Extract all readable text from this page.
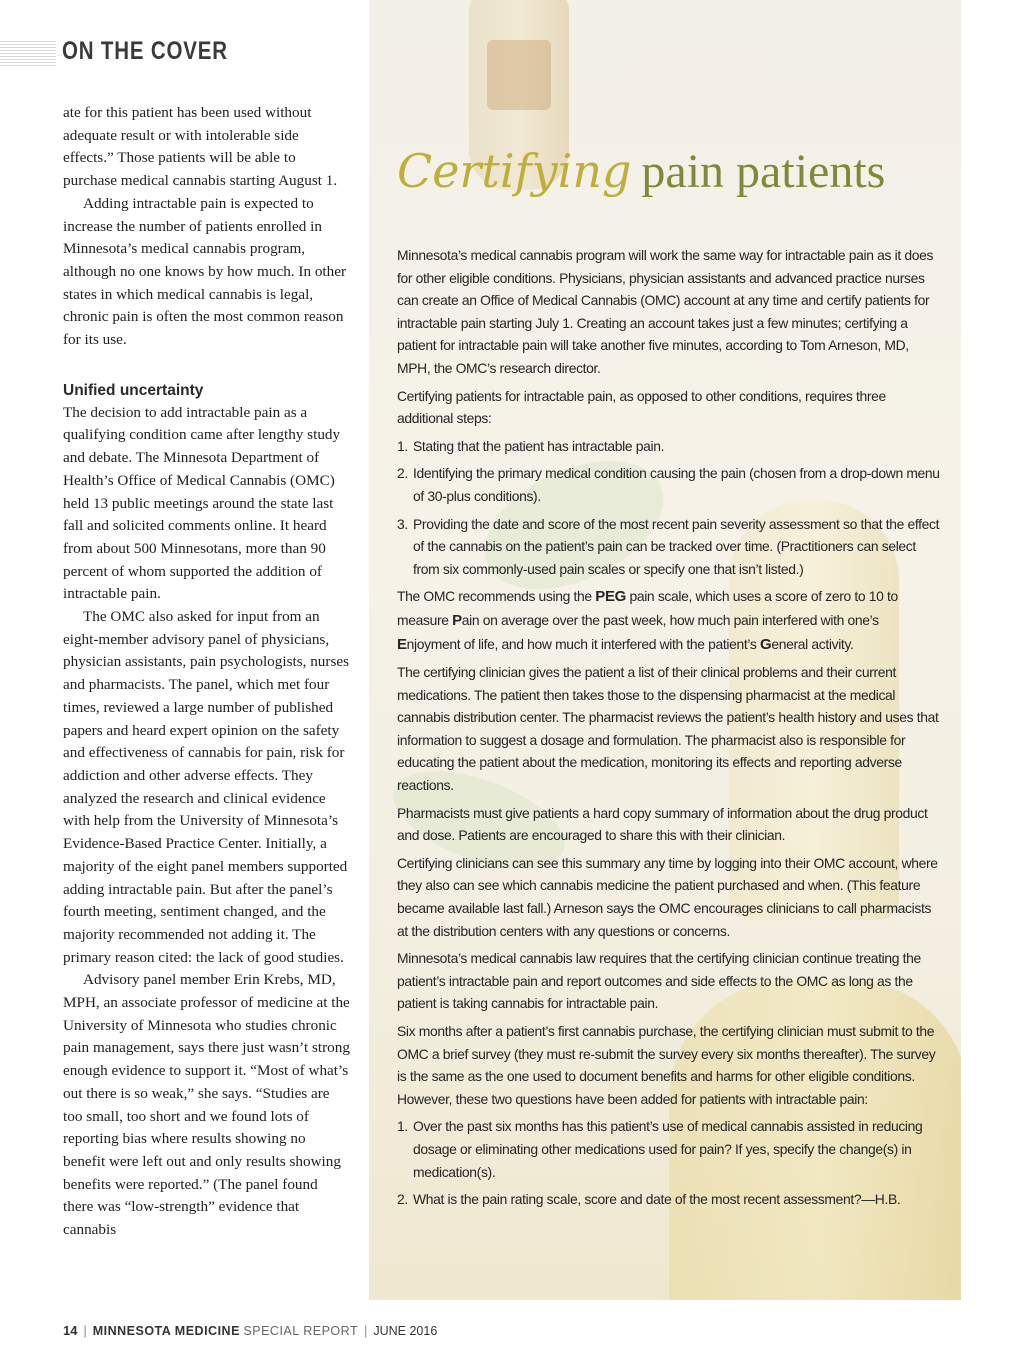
ON THE COVER

ate for this patient has been used without adequate result or with intolerable side effects.” Those patients will be able to purchase medical cannabis starting August 1.

Adding intractable pain is expected to increase the number of patients enrolled in Minnesota’s medical cannabis program, although no one knows by how much. In other states in which medical cannabis is legal, chronic pain is often the most common reason for its use.

Unified uncertainty

The decision to add intractable pain as a qualifying condition came after lengthy study and debate. The Minnesota Department of Health’s Office of Medical Cannabis (OMC) held 13 public meetings around the state last fall and solicited comments online. It heard from about 500 Minnesotans, more than 90 percent of whom supported the addition of intractable pain.

The OMC also asked for input from an eight-member advisory panel of physicians, physician assistants, pain psychologists, nurses and pharmacists. The panel, which met four times, reviewed a large number of published papers and heard expert opinion on the safety and effectiveness of cannabis for pain, risk for addiction and other adverse effects. They analyzed the research and clinical evidence with help from the University of Minnesota’s Evidence-Based Practice Center. Initially, a majority of the eight panel members supported adding intractable pain. But after the panel’s fourth meeting, sentiment changed, and the majority recommended not adding it. The primary reason cited: the lack of good studies.

Advisory panel member Erin Krebs, MD, MPH, an associate professor of medicine at the University of Minnesota who studies chronic pain management, says there just wasn’t strong enough evidence to support it. “Most of what’s out there is so weak,” she says. “Studies are too small, too short and we found lots of reporting bias where results showing no benefit were left out and only results showing benefits were reported.” (The panel found there was “low-strength” evidence that cannabis

Certifying pain patients

Minnesota’s medical cannabis program will work the same way for intractable pain as it does for other eligible conditions. Physicians, physician assistants and advanced practice nurses can create an Office of Medical Cannabis (OMC) account at any time and certify patients for intractable pain starting July 1. Creating an account takes just a few minutes; certifying a patient for intractable pain will take another five minutes, according to Tom Arneson, MD, MPH, the OMC’s research director.

Certifying patients for intractable pain, as opposed to other conditions, requires three additional steps:

1. Stating that the patient has intractable pain.
2. Identifying the primary medical condition causing the pain (chosen from a drop-down menu of 30-plus conditions).
3. Providing the date and score of the most recent pain severity assessment so that the effect of the cannabis on the patient’s pain can be tracked over time. (Practitioners can select from six commonly-used pain scales or specify one that isn’t listed.)

The OMC recommends using the PEG pain scale, which uses a score of zero to 10 to measure Pain on average over the past week, how much pain interfered with one’s Enjoyment of life, and how much it interfered with the patient’s General activity.

The certifying clinician gives the patient a list of their clinical problems and their current medications. The patient then takes those to the dispensing pharmacist at the medical cannabis distribution center. The pharmacist reviews the patient’s health history and uses that information to suggest a dosage and formulation. The pharmacist also is responsible for educating the patient about the medication, monitoring its effects and reporting adverse reactions.

Pharmacists must give patients a hard copy summary of information about the drug product and dose. Patients are encouraged to share this with their clinician.

Certifying clinicians can see this summary any time by logging into their OMC account, where they also can see which cannabis medicine the patient purchased and when. (This feature became available last fall.) Arneson says the OMC encourages clinicians to call pharmacists at the distribution centers with any questions or concerns.

Minnesota’s medical cannabis law requires that the certifying clinician continue treating the patient’s intractable pain and report outcomes and side effects to the OMC as long as the patient is taking cannabis for intractable pain.

Six months after a patient’s first cannabis purchase, the certifying clinician must submit to the OMC a brief survey (they must re-submit the survey every six months thereafter). The survey is the same as the one used to document benefits and harms for other eligible conditions. However, these two questions have been added for patients with intractable pain:

1. Over the past six months has this patient’s use of medical cannabis assisted in reducing dosage or eliminating other medications used for pain? If yes, specify the change(s) in medication(s).
2. What is the pain rating scale, score and date of the most recent assessment?—H.B.
14 | MINNESOTA MEDICINE SPECIAL REPORT | JUNE 2016
